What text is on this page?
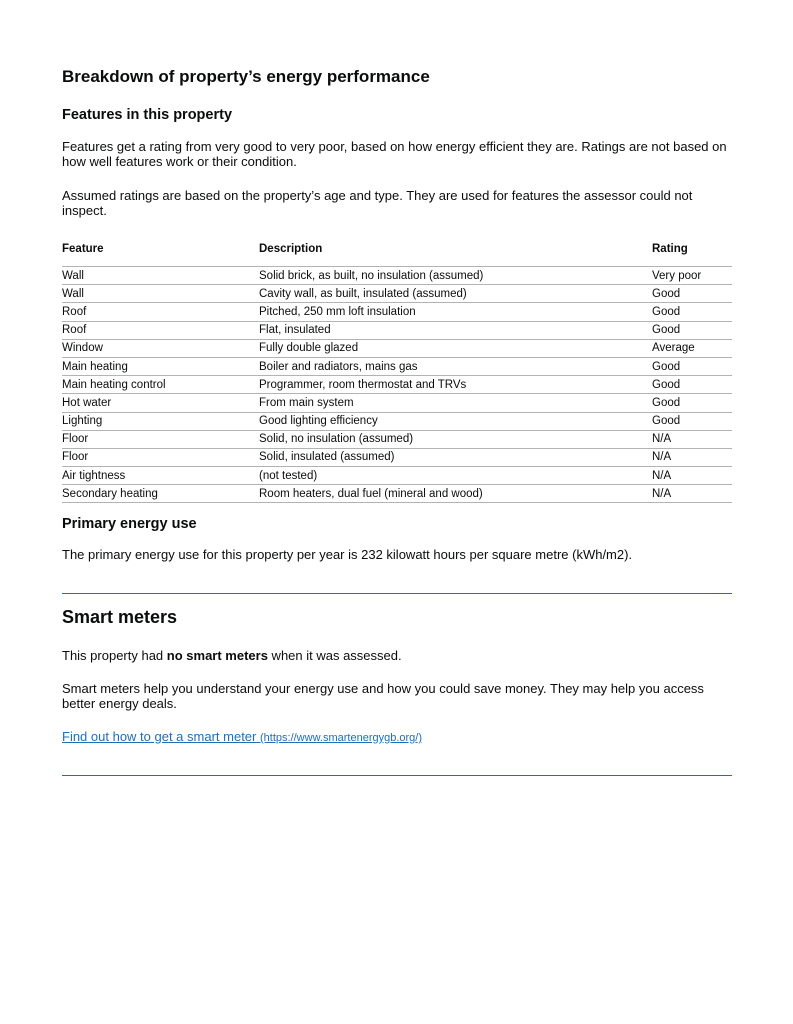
Breakdown of property’s energy performance
Features in this property

Features get a rating from very good to very poor, based on how energy efficient they are. Ratings are not based on how well features work or their condition.

Assumed ratings are based on the property’s age and type. They are used for features the assessor could not inspect.

Feature	Description	Rating

Wall	Solid brick, as built, no insulation (assumed)	Very poor
Wall	Cavity wall, as built, insulated (assumed)	Good
Roof	Pitched, 250 mm loft insulation	Good
Roof	Flat, insulated	Good
Window	Fully double glazed	Average
Main heating	Boiler and radiators, mains gas	Good
Main heating control	Programmer, room thermostat and TRVs	Good
Hot water	From main system	Good
Lighting	Good lighting efficiency	Good
Floor	Solid, no insulation (assumed)	N/A
Floor	Solid, insulated (assumed)	N/A
Air tightness	(not tested)	N/A
Secondary heating	Room heaters, dual fuel (mineral and wood)	N/A
Primary energy use

The primary energy use for this property per year is 232 kilowatt hours per square metre (kWh/m2).

Smart meters

This property had no smart meters when it was assessed.

Smart meters help you understand your energy use and how you could save money. They may help you access better energy deals.

Find out how to get a smart meter (https://www.smartenergygb.org/)
